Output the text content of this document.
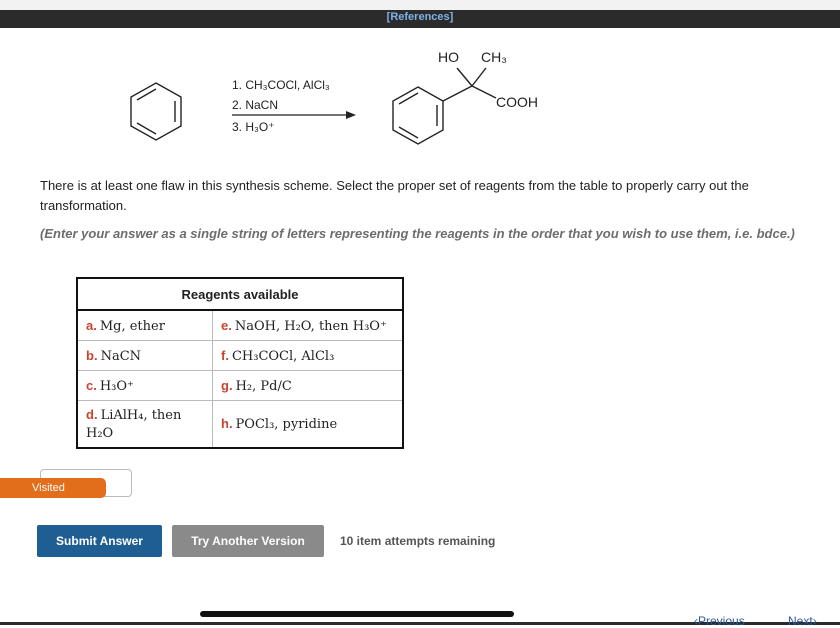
[References]
1. CH₃COCl, AlCl₃
2. NaCN
3. H₃O⁺
HO CH₃
COOH
There is at least one flaw in this synthesis scheme. Select the proper set of reagents from the table to properly carry out the transformation.
(Enter your answer as a single string of letters representing the reagents in the order that you wish to use them, i.e. bdce.)
Reagents available	
a. Mg, ether	e. NaOH, H₂O, then H₃O⁺
b. NaCN	f. CH₃COCl, AlCl₃
c. H₃O⁺	g. H₂, Pd/C
d. LiAlH₄, then H₂O	h. POCl₃, pyridine
Visited
Submit Answer	Try Another Version	10 item attempts remaining
‹Previous	Next›
